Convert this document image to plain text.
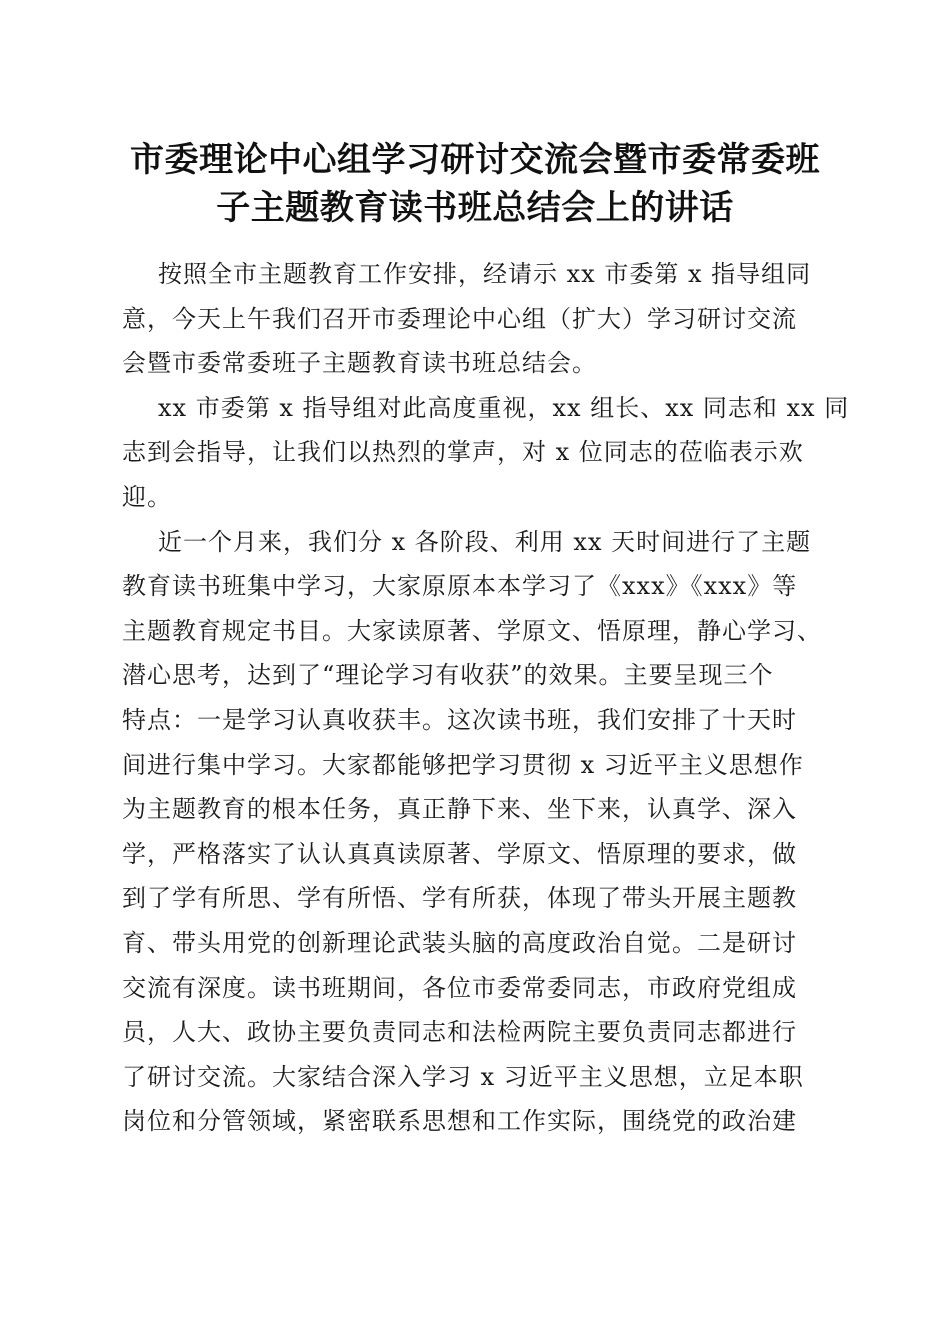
市委理论中心组学习研讨交流会暨市委常委班
子主题教育读书班总结会上的讲话

按照全市主题教育工作安排，经请示 xx 市委第 x 指导组同
意，今天上午我们召开市委理论中心组（扩大）学习研讨交流
会暨市委常委班子主题教育读书班总结会。

xx 市委第 x 指导组对此高度重视，xx 组长、xx 同志和 xx 同
志到会指导，让我们以热烈的掌声，对 x 位同志的莅临表示欢
迎。

近一个月来，我们分 x 各阶段、利用 xx 天时间进行了主题
教育读书班集中学习，大家原原本本学习了《xxx》《xxx》等
主题教育规定书目。大家读原著、学原文、悟原理，静心学习、
潜心思考，达到了“理论学习有收获”的效果。主要呈现三个
特点：一是学习认真收获丰。这次读书班，我们安排了十天时
间进行集中学习。大家都能够把学习贯彻 x 习近平主义思想作
为主题教育的根本任务，真正静下来、坐下来，认真学、深入
学，严格落实了认认真真读原著、学原文、悟原理的要求，做
到了学有所思、学有所悟、学有所获，体现了带头开展主题教
育、带头用党的创新理论武装头脑的高度政治自觉。二是研讨
交流有深度。读书班期间，各位市委常委同志，市政府党组成
员，人大、政协主要负责同志和法检两院主要负责同志都进行
了研讨交流。大家结合深入学习 x 习近平主义思想，立足本职
岗位和分管领域，紧密联系思想和工作实际，围绕党的政治建
